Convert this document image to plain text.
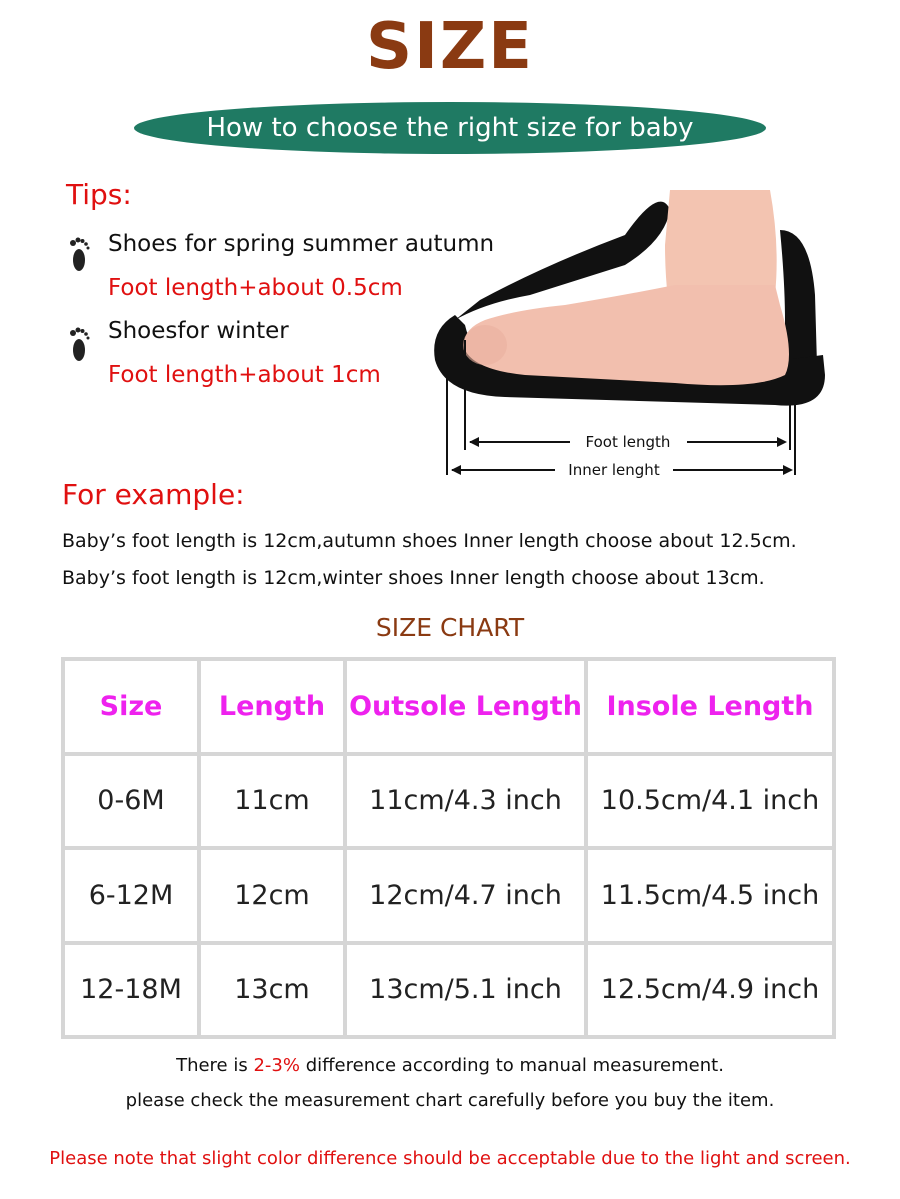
SIZE
How to choose the right size for baby
Tips:
Shoes for spring summer autumn
Foot length+about 0.5cm
Shoesfor winter
Foot length+about 1cm
Foot length
Inner lenght
For example:
Baby’s foot length is 12cm,autumn shoes Inner length choose about 12.5cm.
Baby’s foot length is 12cm,winter shoes Inner length choose about 13cm.
SIZE CHART
Size	Length	Outsole Length	Insole Length
0-6M	11cm	11cm/4.3 inch	10.5cm/4.1 inch
6-12M	12cm	12cm/4.7 inch	11.5cm/4.5 inch
12-18M	13cm	13cm/5.1 inch	12.5cm/4.9 inch
There is 2-3% difference according to manual measurement.
please check the measurement chart carefully before you buy the item.
Please note that slight color difference should be acceptable due to the light and screen.
